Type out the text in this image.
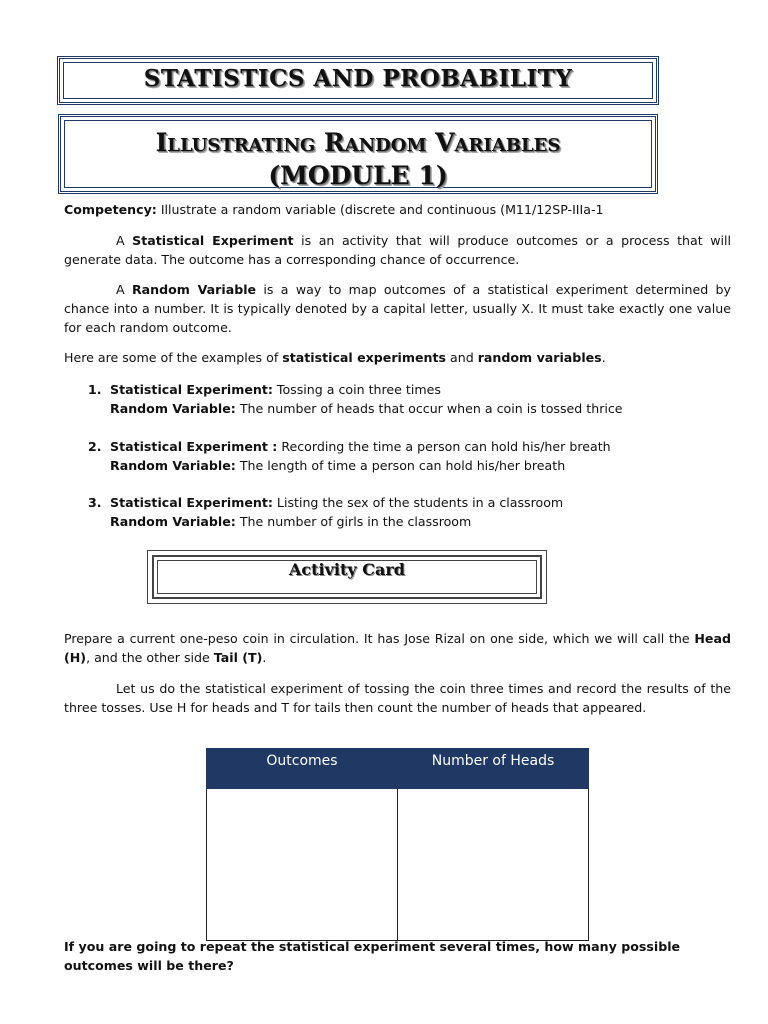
STATISTICS AND PROBABILITY
Illustrating Random Variables
(MODULE 1)
Competency: Illustrate a random variable (discrete and continuous (M11/12SP-IIIa-1
A Statistical Experiment is an activity that will produce outcomes or a process that will generate data. The outcome has a corresponding chance of occurrence.
A Random Variable is a way to map outcomes of a statistical experiment determined by chance into a number. It is typically denoted by a capital letter, usually X. It must take exactly one value for each random outcome.
Here are some of the examples of statistical experiments and random variables.
1. Statistical Experiment: Tossing a coin three times
Random Variable: The number of heads that occur when a coin is tossed thrice
2. Statistical Experiment : Recording the time a person can hold his/her breath
Random Variable: The length of time a person can hold his/her breath
3. Statistical Experiment: Listing the sex of the students in a classroom
Random Variable: The number of girls in the classroom
Activity Card
Prepare a current one-peso coin in circulation. It has Jose Rizal on one side, which we will call the Head (H), and the other side Tail (T).
Let us do the statistical experiment of tossing the coin three times and record the results of the three tosses. Use H for heads and T for tails then count the number of heads that appeared.
Outcomes	Number of Heads

If you are going to repeat the statistical experiment several times, how many possible outcomes will be there?
